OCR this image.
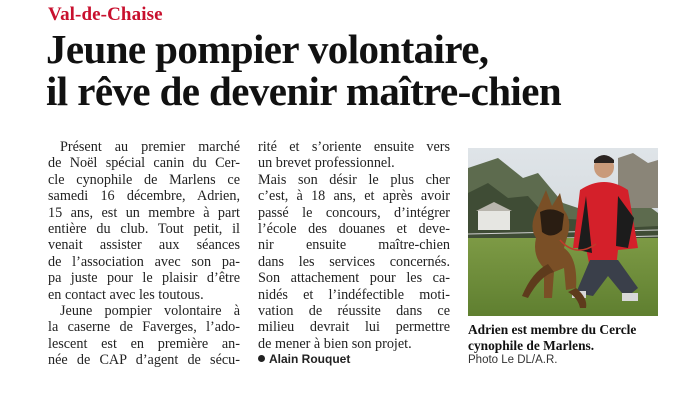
Val-de-Chaise
Jeune pompier volontaire,
il rêve de devenir maître-chien
Présent au premier marché
de Noël spécial canin du Cer-
cle cynophile de Marlens ce
samedi 16 décembre, Adrien,
15 ans, est un membre à part
entière du club. Tout petit, il
venait assister aux séances
de l’association avec son pa-
pa juste pour le plaisir d’être
en contact avec les toutous.
Jeune pompier volontaire à
la caserne de Faverges, l’ado-
lescent est en première an-
née de CAP d’agent de sécu-
rité et s’oriente ensuite vers
un brevet professionnel.
Mais son désir le plus cher
c’est, à 18 ans, et après avoir
passé le concours, d’intégrer
l’école des douanes et deve-
nir ensuite maître-chien
dans les services concernés.
Son attachement pour les ca-
nidés et l’indéfectible moti-
vation de réussite dans ce
milieu devrait lui permettre
de mener à bien son projet.
Alain Rouquet
Adrien est membre du Cercle
cynophile de Marlens.
Photo Le DL/A.R.
